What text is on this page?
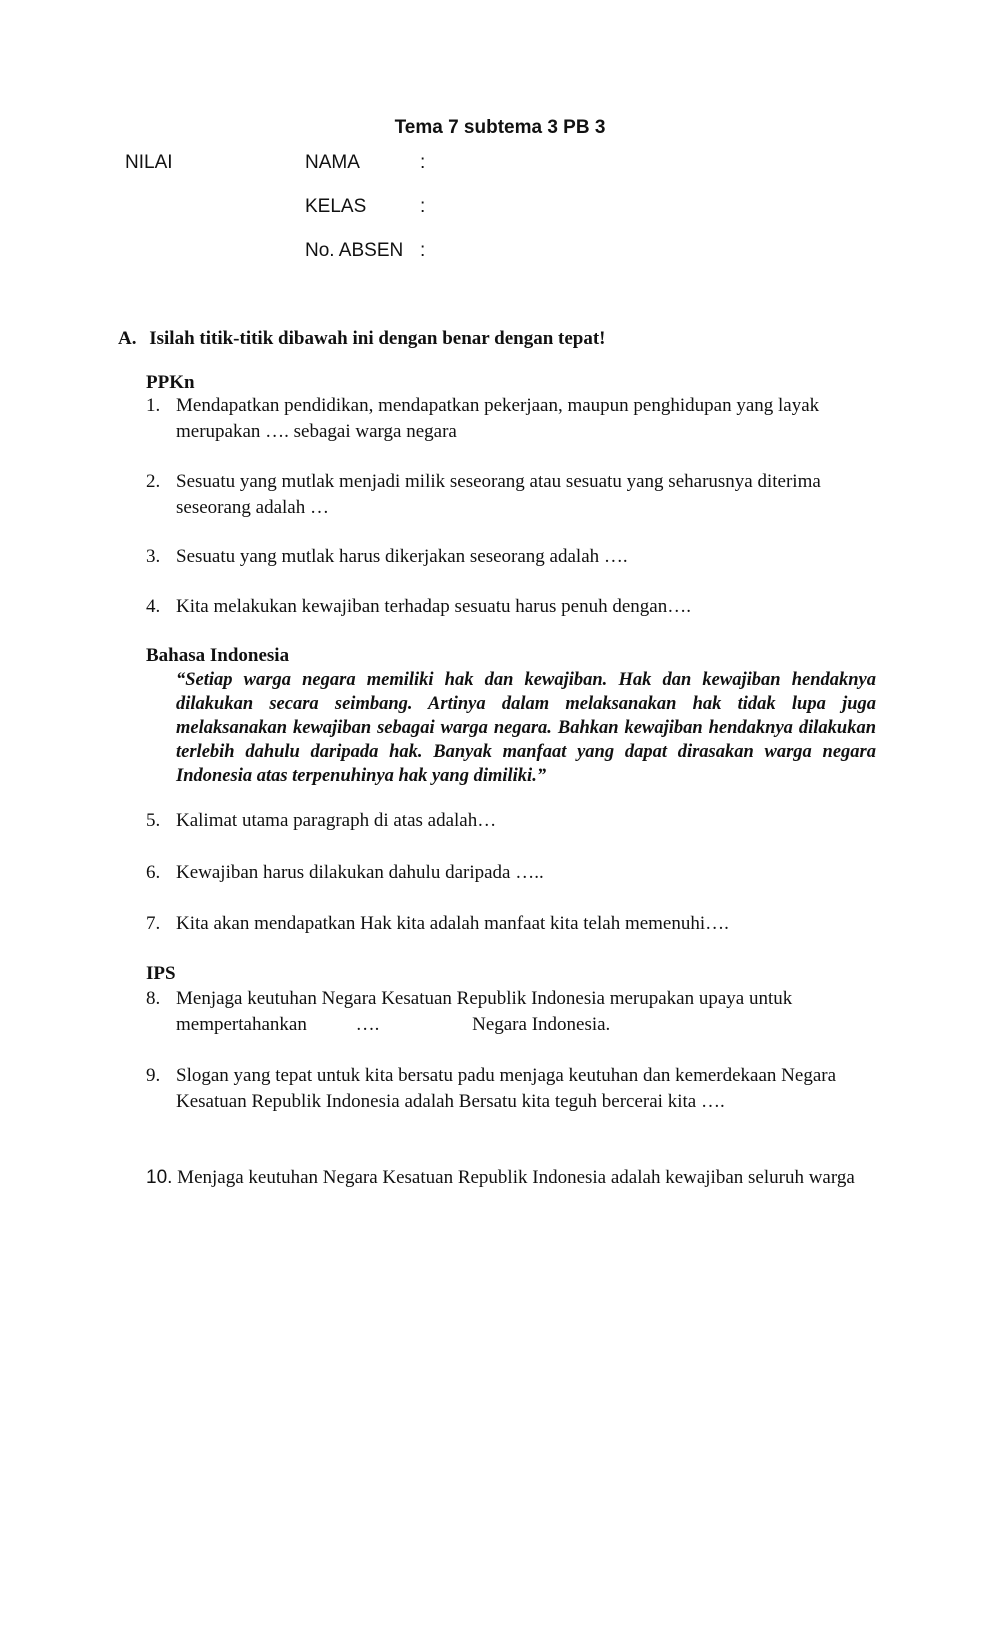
Tema 7 subtema 3 PB 3
NILAI	NAMA	:
KELAS	:
No. ABSEN :
A. Isilah titik-titik dibawah ini dengan benar dengan tepat!
PPKn
1. Mendapatkan pendidikan, mendapatkan pekerjaan, maupun penghidupan yang layak merupakan …. sebagai warga negara
2. Sesuatu yang mutlak menjadi milik seseorang atau sesuatu yang seharusnya diterima seseorang adalah …
3. Sesuatu yang mutlak harus dikerjakan seseorang adalah ….
4. Kita melakukan kewajiban terhadap sesuatu harus penuh dengan….
Bahasa Indonesia
“Setiap warga negara memiliki hak dan kewajiban. Hak dan kewajiban hendaknya dilakukan secara seimbang. Artinya dalam melaksanakan hak tidak lupa juga melaksanakan kewajiban sebagai warga negara. Bahkan kewajiban hendaknya dilakukan terlebih dahulu daripada hak. Banyak manfaat yang dapat dirasakan warga negara Indonesia atas terpenuhinya hak yang dimiliki.”
5. Kalimat utama paragraph di atas adalah…
6. Kewajiban harus dilakukan dahulu daripada …..
7. Kita akan mendapatkan Hak kita adalah manfaat kita telah memenuhi….
IPS
8. Menjaga keutuhan Negara Kesatuan Republik Indonesia merupakan upaya untuk
mempertahankan	….	Negara Indonesia.
9. Slogan yang tepat untuk kita bersatu padu menjaga keutuhan dan kemerdekaan Negara Kesatuan Republik Indonesia adalah Bersatu kita teguh bercerai kita ….
10. Menjaga keutuhan Negara Kesatuan Republik Indonesia adalah kewajiban seluruh warga
